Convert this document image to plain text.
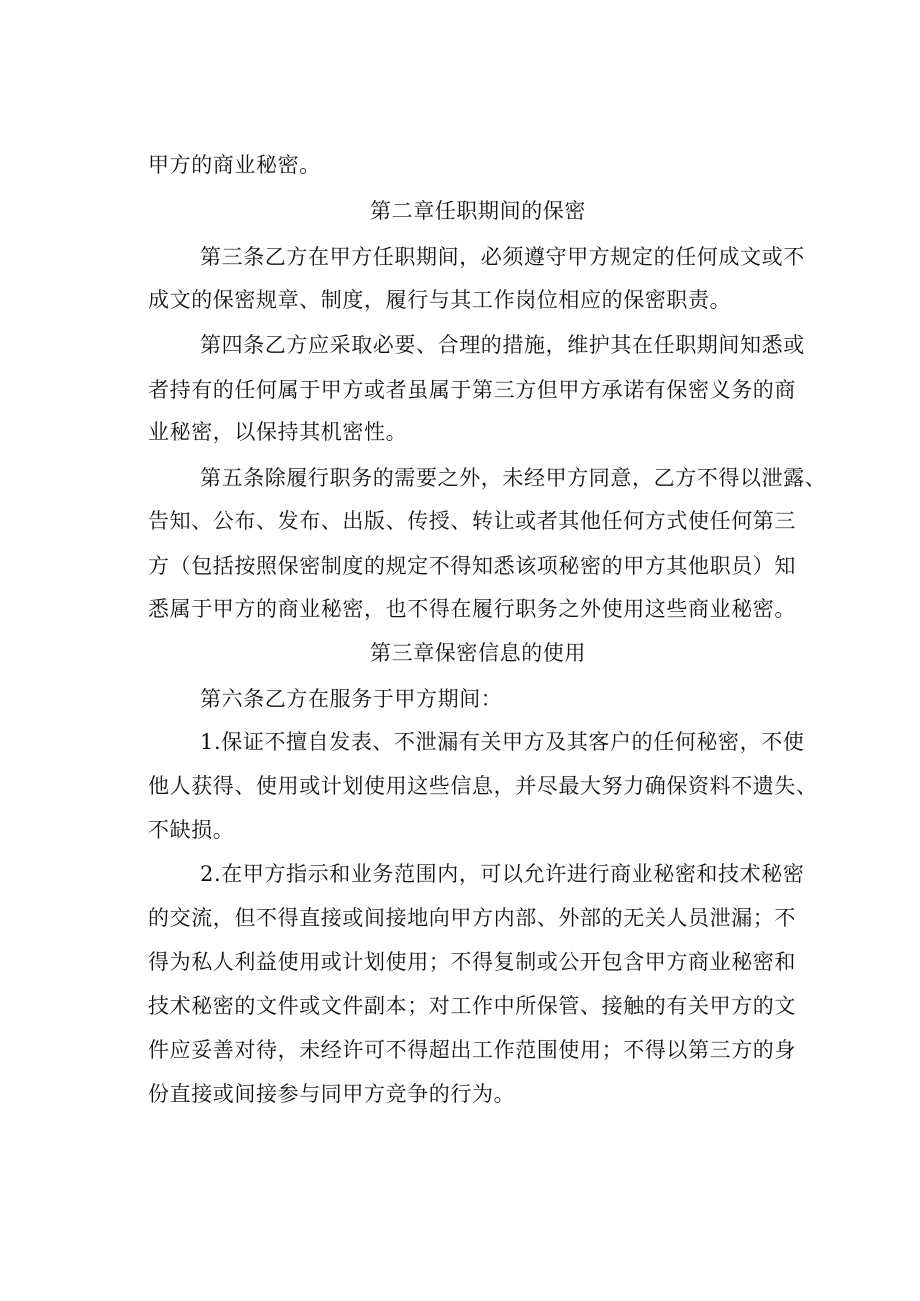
甲方的商业秘密。
第二章任职期间的保密
第三条乙方在甲方任职期间，必须遵守甲方规定的任何成文或不
成文的保密规章、制度，履行与其工作岗位相应的保密职责。
第四条乙方应采取必要、合理的措施，维护其在任职期间知悉或
者持有的任何属于甲方或者虽属于第三方但甲方承诺有保密义务的商
业秘密，以保持其机密性。
第五条除履行职务的需要之外，未经甲方同意，乙方不得以泄露、
告知、公布、发布、出版、传授、转让或者其他任何方式使任何第三
方（包括按照保密制度的规定不得知悉该项秘密的甲方其他职员）知
悉属于甲方的商业秘密，也不得在履行职务之外使用这些商业秘密。
第三章保密信息的使用
第六条乙方在服务于甲方期间：
1.保证不擅自发表、不泄漏有关甲方及其客户的任何秘密，不使
他人获得、使用或计划使用这些信息，并尽最大努力确保资料不遗失、
不缺损。
2.在甲方指示和业务范围内，可以允许进行商业秘密和技术秘密
的交流，但不得直接或间接地向甲方内部、外部的无关人员泄漏；不
得为私人利益使用或计划使用；不得复制或公开包含甲方商业秘密和
技术秘密的文件或文件副本；对工作中所保管、接触的有关甲方的文
件应妥善对待，未经许可不得超出工作范围使用；不得以第三方的身
份直接或间接参与同甲方竞争的行为。
